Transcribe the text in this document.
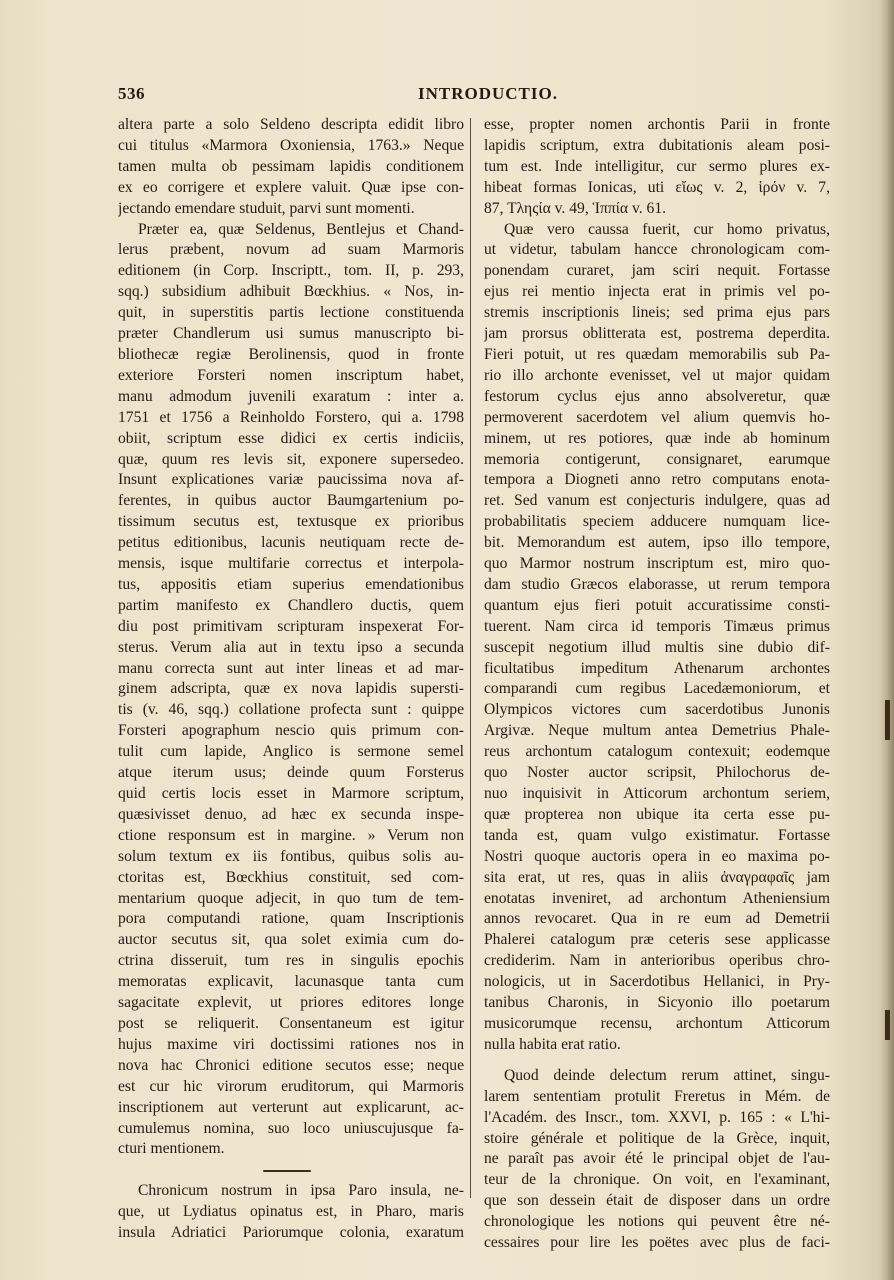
536	INTRODUCTIO.
altera parte a solo Seldeno descripta edidit libro
cui titulus «Marmora Oxoniensia, 1763.» Neque
tamen multa ob pessimam lapidis conditionem
ex eo corrigere et explere valuit. Quæ ipse con-
jectando emendare studuit, parvi sunt momenti.
Præter ea, quæ Seldenus, Bentlejus et Chand-
lerus præbent, novum ad suam Marmoris
editionem (in Corp. Inscriptt., tom. II, p. 293,
sqq.) subsidium adhibuit Bœckhius. « Nos, in-
quit, in superstitis partis lectione constituenda
præter Chandlerum usi sumus manuscripto bi-
bliothecæ regiæ Berolinensis, quod in fronte
exteriore Forsteri nomen inscriptum habet,
manu admodum juvenili exaratum : inter a.
1751 et 1756 a Reinholdo Forstero, qui a. 1798
obiit, scriptum esse didici ex certis indiciis,
quæ, quum res levis sit, exponere supersedeo.
Insunt explicationes variæ paucissima nova af-
ferentes, in quibus auctor Baumgartenium po-
tissimum secutus est, textusque ex prioribus
petitus editionibus, lacunis neutiquam recte de-
mensis, isque multifarie correctus et interpola-
tus, appositis etiam superius emendationibus
partim manifesto ex Chandlero ductis, quem
diu post primitivam scripturam inspexerat For-
sterus. Verum alia aut in textu ipso a secunda
manu correcta sunt aut inter lineas et ad mar-
ginem adscripta, quæ ex nova lapidis supersti-
tis (v. 46, sqq.) collatione profecta sunt : quippe
Forsteri apographum nescio quis primum con-
tulit cum lapide, Anglico is sermone semel
atque iterum usus; deinde quum Forsterus
quid certis locis esset in Marmore scriptum,
quæsivisset denuo, ad hæc ex secunda inspe-
ctione responsum est in margine. » Verum non
solum textum ex iis fontibus, quibus solis au-
ctoritas est, Bœckhius constituit, sed com-
mentarium quoque adjecit, in quo tum de tem-
pora computandi ratione, quam Inscriptionis
auctor secutus sit, qua solet eximia cum do-
ctrina disseruit, tum res in singulis epochis
memoratas explicavit, lacunasque tanta cum
sagacitate explevit, ut priores editores longe
post se reliquerit. Consentaneum est igitur
hujus maxime viri doctissimi rationes nos in
nova hac Chronici editione secutos esse; neque
est cur hic virorum eruditorum, qui Marmoris
inscriptionem aut verterunt aut explicarunt, ac-
cumulemus nomina, suo loco uniuscujusque fa-
cturi mentionem.
Chronicum nostrum in ipsa Paro insula, ne-
que, ut Lydiatus opinatus est, in Pharo, maris
insula Adriatici Pariorumque colonia, exaratum
esse, propter nomen archontis Parii in fronte
lapidis scriptum, extra dubitationis aleam posi-
tum est. Inde intelligitur, cur sermo plures ex-
hibeat formas Ionicas, uti εἴως v. 2, ἱρόν v. 7,
87, Τληςία v. 49, Ἱππία v. 61.
Quæ vero caussa fuerit, cur homo privatus,
ut videtur, tabulam hancce chronologicam com-
ponendam curaret, jam sciri nequit. Fortasse
ejus rei mentio injecta erat in primis vel po-
stremis inscriptionis lineis; sed prima ejus pars
jam prorsus oblitterata est, postrema deperdita.
Fieri potuit, ut res quædam memorabilis sub Pa-
rio illo archonte evenisset, vel ut major quidam
festorum cyclus ejus anno absolveretur, quæ
permoverent sacerdotem vel alium quemvis ho-
minem, ut res potiores, quæ inde ab hominum
memoria contigerunt, consignaret, earumque
tempora a Diogneti anno retro computans enota-
ret. Sed vanum est conjecturis indulgere, quas ad
probabilitatis speciem adducere numquam lice-
bit. Memorandum est autem, ipso illo tempore,
quo Marmor nostrum inscriptum est, miro quo-
dam studio Græcos elaborasse, ut rerum tempora
quantum ejus fieri potuit accuratissime consti-
tuerent. Nam circa id temporis Timæus primus
suscepit negotium illud multis sine dubio dif-
ficultatibus impeditum Athenarum archontes
comparandi cum regibus Lacedæmoniorum, et
Olympicos victores cum sacerdotibus Junonis
Argivæ. Neque multum antea Demetrius Phale-
reus archontum catalogum contexuit; eodemque
quo Noster auctor scripsit, Philochorus de-
nuo inquisivit in Atticorum archontum seriem,
quæ propterea non ubique ita certa esse pu-
tanda est, quam vulgo existimatur. Fortasse
Nostri quoque auctoris opera in eo maxima po-
sita erat, ut res, quas in aliis ἀναγραφαῖς jam
enotatas inveniret, ad archontum Atheniensium
annos revocaret. Qua in re eum ad Demetrii
Phalerei catalogum præ ceteris sese applicasse
crediderim. Nam in anterioribus operibus chro-
nologicis, ut in Sacerdotibus Hellanici, in Pry-
tanibus Charonis, in Sicyonio illo poetarum
musicorumque recensu, archontum Atticorum
nulla habita erat ratio.
Quod deinde delectum rerum attinet, singu-
larem sententiam protulit Freretus in Mém. de
l'Académ. des Inscr., tom. XXVI, p. 165 : « L'hi-
stoire générale et politique de la Grèce, inquit,
ne paraît pas avoir été le principal objet de l'au-
teur de la chronique. On voit, en l'examinant,
que son dessein était de disposer dans un ordre
chronologique les notions qui peuvent être né-
cessaires pour lire les poëtes avec plus de faci-
